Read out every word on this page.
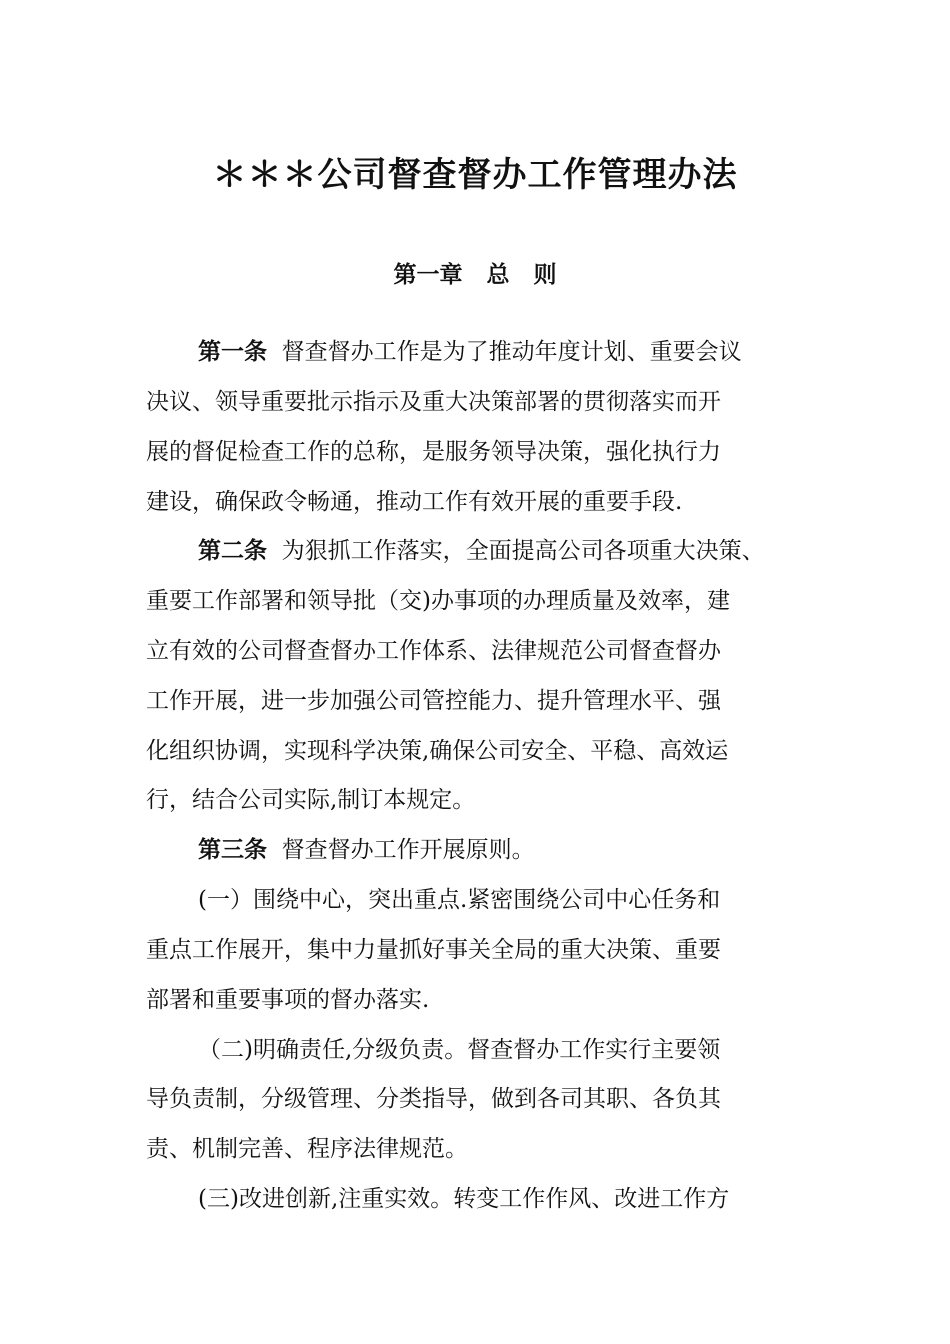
＊＊＊公司督查督办工作管理办法
第一章   总   则

第一条  督查督办工作是为了推动年度计划、重要会议

决议、领导重要批示指示及重大决策部署的贯彻落实而开

展的督促检查工作的总称，是服务领导决策，强化执行力

建设，确保政令畅通，推动工作有效开展的重要手段.

第二条  为狠抓工作落实，全面提高公司各项重大决策、

重要工作部署和领导批（交)办事项的办理质量及效率，建

立有效的公司督查督办工作体系、法律规范公司督查督办

工作开展，进一步加强公司管控能力、提升管理水平、强

化组织协调，实现科学决策,确保公司安全、平稳、高效运

行，结合公司实际,制订本规定。

第三条  督查督办工作开展原则。

(一）围绕中心，突出重点.紧密围绕公司中心任务和

重点工作展开，集中力量抓好事关全局的重大决策、重要

部署和重要事项的督办落实.

（二)明确责任,分级负责。督查督办工作实行主要领

导负责制，分级管理、分类指导，做到各司其职、各负其

责、机制完善、程序法律规范。

(三)改进创新,注重实效。转变工作作风、改进工作方
